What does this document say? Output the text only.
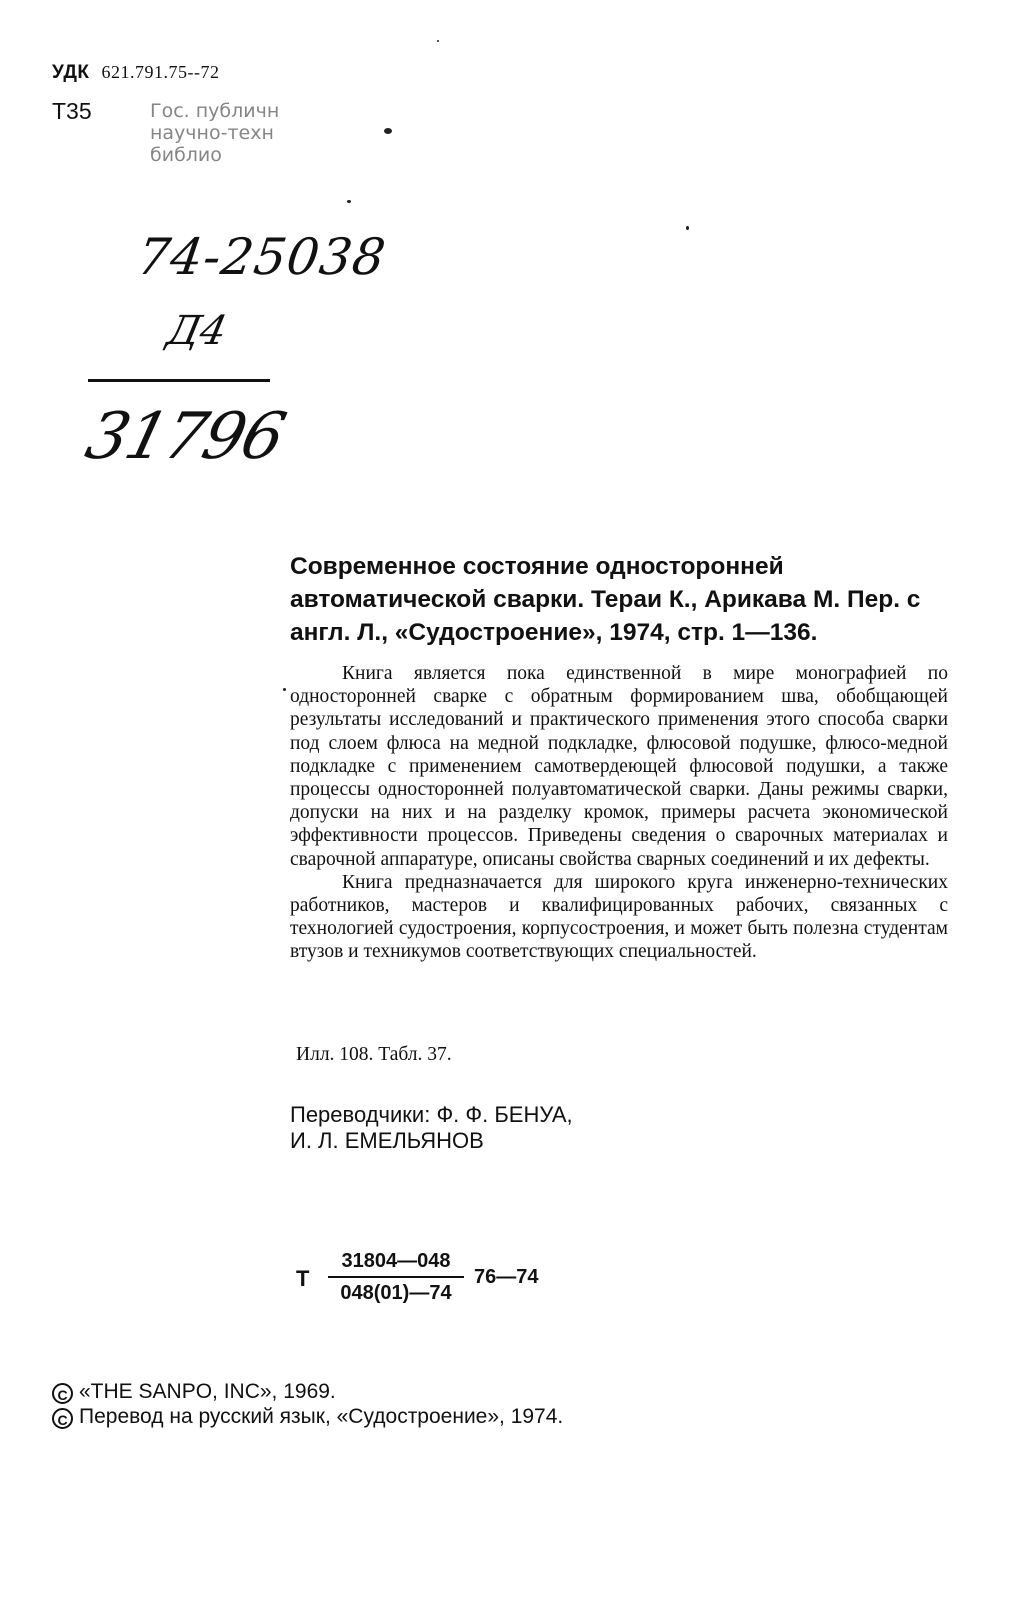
УДК 621.791.75--72
Т35	Гос. публичн
научно-техн
библио
74-25038
Д4
31796
Современное состояние односторонней автоматической сварки. Тераи К., Арикава М. Пер. с англ. Л., «Судостроение», 1974, стр. 1—136.

Книга является пока единственной в мире монографией по односторонней сварке с обратным формированием шва, обобщающей результаты исследований и практического применения этого способа сварки под слоем флюса на медной подкладке, флюсовой подушке, флюсо-медной подкладке с применением самотвердеющей флюсовой подушки, а также процессы односторонней полуавтоматической сварки. Даны режимы сварки, допуски на них и на разделку кромок, примеры расчета экономической эффективности процессов. Приведены сведения о сварочных материалах и сварочной аппаратуре, описаны свойства сварных соединений и их дефекты.

Книга предназначается для широкого круга инженерно-технических работников, мастеров и квалифицированных рабочих, связанных с технологией судостроения, корпусостроения, и может быть полезна студентам втузов и техникумов соответствующих специальностей.

Илл. 108. Табл. 37.
Переводчики: Ф. Ф. БЕНУА,
И. Л. ЕМЕЛЬЯНОВ
Т $\frac{31804—048}{048(01)—74}$ 76—74
C «THE SANPO, INC», 1969.
C Перевод на русский язык, «Судостроение», 1974.
